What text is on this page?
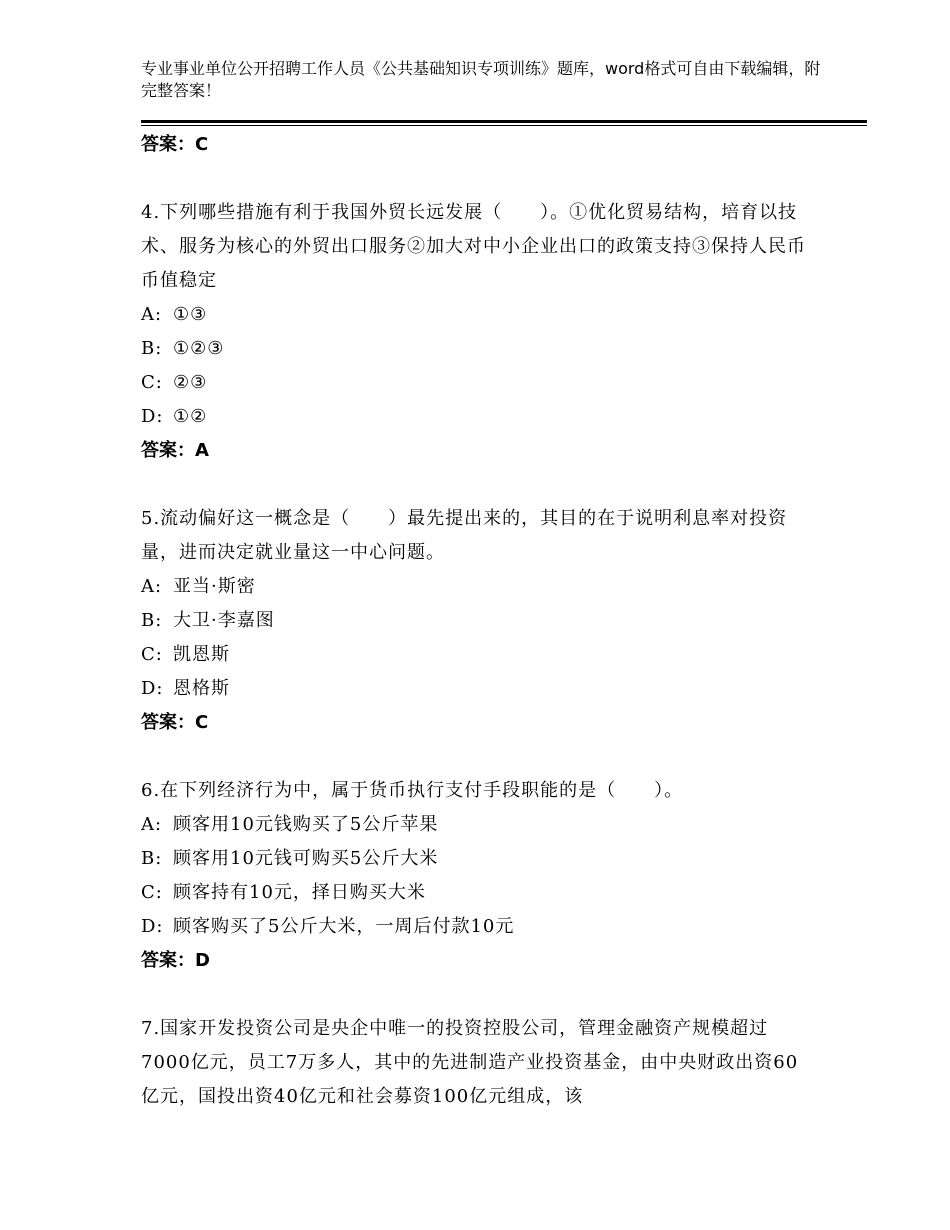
专业事业单位公开招聘工作人员《公共基础知识专项训练》题库，word格式可自由下载编辑，附完整答案！
答案：C
4.下列哪些措施有利于我国外贸长远发展（　　）。①优化贸易结构，培育以技术、服务为核心的外贸出口服务②加大对中小企业出口的政策支持③保持人民币币值稳定
A: ①③
B: ①②③
C: ②③
D: ①②
答案：A
5.流动偏好这一概念是（　　）最先提出来的，其目的在于说明利息率对投资量，进而决定就业量这一中心问题。
A: 亚当·斯密
B: 大卫·李嘉图
C: 凯恩斯
D: 恩格斯
答案：C
6.在下列经济行为中，属于货币执行支付手段职能的是（　　）。
A: 顾客用10元钱购买了5公斤苹果
B: 顾客用10元钱可购买5公斤大米
C: 顾客持有10元，择日购买大米
D: 顾客购买了5公斤大米，一周后付款10元
答案：D
7.国家开发投资公司是央企中唯一的投资控股公司，管理金融资产规模超过7000亿元，员工7万多人，其中的先进制造产业投资基金，由中央财政出资60亿元，国投出资40亿元和社会募资100亿元组成，该
